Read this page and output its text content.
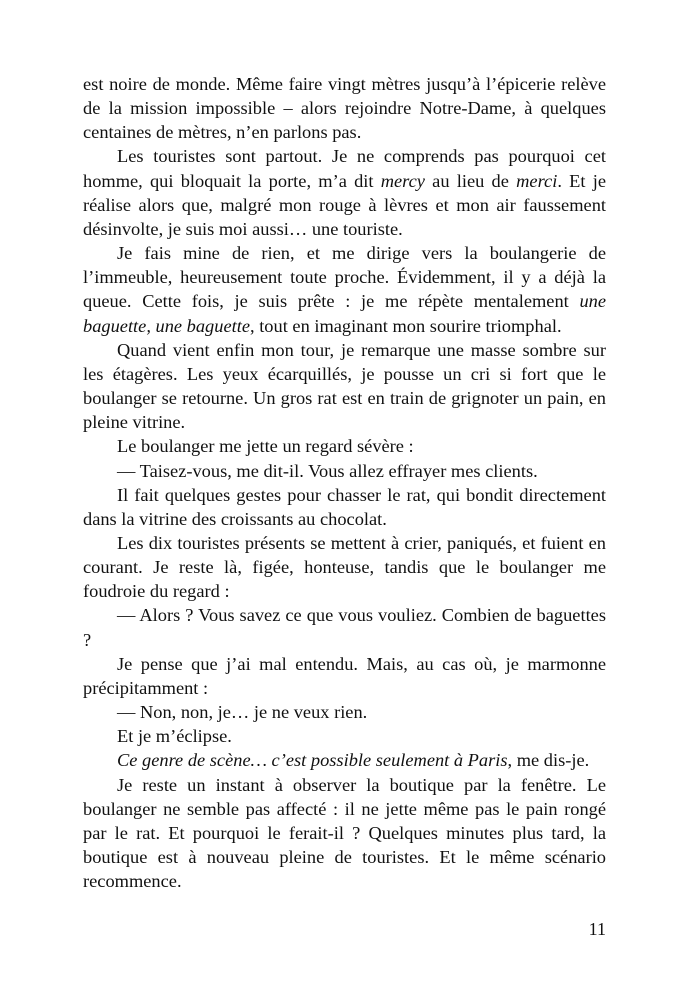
est noire de monde. Même faire vingt mètres jusqu’à l’épicerie relève de la mission impossible – alors rejoindre Notre-Dame, à quelques centaines de mètres, n’en parlons pas.

Les touristes sont partout. Je ne comprends pas pourquoi cet homme, qui bloquait la porte, m’a dit mercy au lieu de merci. Et je réalise alors que, malgré mon rouge à lèvres et mon air faussement désinvolte, je suis moi aussi… une touriste.

Je fais mine de rien, et me dirige vers la boulangerie de l’immeuble, heureusement toute proche. Évidemment, il y a déjà la queue. Cette fois, je suis prête : je me répète mentalement une baguette, une baguette, tout en imaginant mon sourire triomphal.

Quand vient enfin mon tour, je remarque une masse sombre sur les étagères. Les yeux écarquillés, je pousse un cri si fort que le boulanger se retourne. Un gros rat est en train de grignoter un pain, en pleine vitrine.

Le boulanger me jette un regard sévère :

— Taisez-vous, me dit-il. Vous allez effrayer mes clients.

Il fait quelques gestes pour chasser le rat, qui bondit directement dans la vitrine des croissants au chocolat.

Les dix touristes présents se mettent à crier, paniqués, et fuient en courant. Je reste là, figée, honteuse, tandis que le boulanger me foudroie du regard :

— Alors ? Vous savez ce que vous vouliez. Combien de baguettes ?

Je pense que j’ai mal entendu. Mais, au cas où, je marmonne précipitamment :

— Non, non, je… je ne veux rien.

Et je m’éclipse.

Ce genre de scène… c’est possible seulement à Paris, me dis-je.

Je reste un instant à observer la boutique par la fenêtre. Le boulanger ne semble pas affecté : il ne jette même pas le pain rongé par le rat. Et pourquoi le ferait-il ? Quelques minutes plus tard, la boutique est à nouveau pleine de touristes. Et le même scénario recommence.

11
